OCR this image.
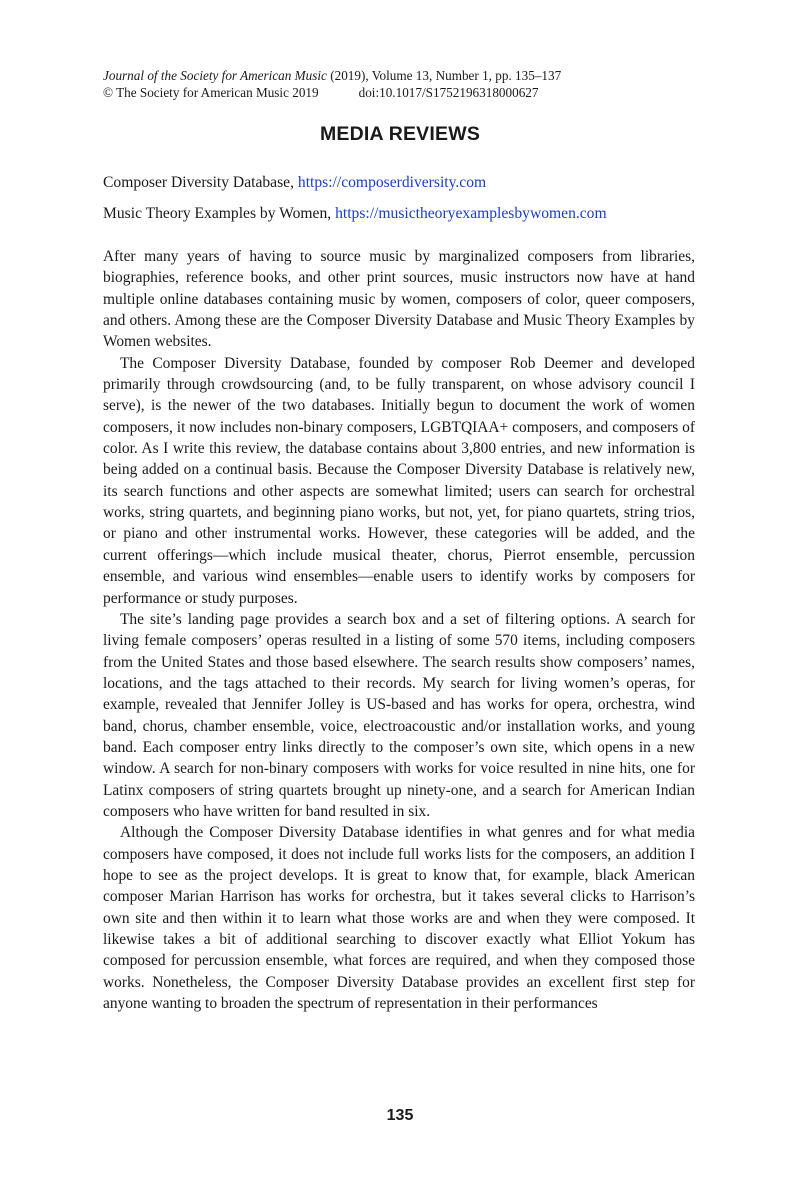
Journal of the Society for American Music (2019), Volume 13, Number 1, pp. 135–137
© The Society for American Music 2019	doi:10.1017/S1752196318000627
MEDIA REVIEWS
Composer Diversity Database, https://composerdiversity.com
Music Theory Examples by Women, https://musictheoryexamplesbywomen.com

After many years of having to source music by marginalized composers from libraries, biographies, reference books, and other print sources, music instructors now have at hand multiple online databases containing music by women, composers of color, queer composers, and others. Among these are the Composer Diversity Database and Music Theory Examples by Women websites.

The Composer Diversity Database, founded by composer Rob Deemer and developed primarily through crowdsourcing (and, to be fully transparent, on whose advisory council I serve), is the newer of the two databases. Initially begun to document the work of women composers, it now includes non-binary composers, LGBTQIAA+ composers, and composers of color. As I write this review, the database contains about 3,800 entries, and new information is being added on a continual basis. Because the Composer Diversity Database is relatively new, its search functions and other aspects are somewhat limited; users can search for orchestral works, string quartets, and beginning piano works, but not, yet, for piano quartets, string trios, or piano and other instrumental works. However, these categories will be added, and the current offerings—which include musical theater, chorus, Pierrot ensemble, percussion ensemble, and various wind ensembles—enable users to identify works by composers for performance or study purposes.

The site’s landing page provides a search box and a set of filtering options. A search for living female composers’ operas resulted in a listing of some 570 items, including composers from the United States and those based elsewhere. The search results show composers’ names, locations, and the tags attached to their records. My search for living women’s operas, for example, revealed that Jennifer Jolley is US-based and has works for opera, orchestra, wind band, chorus, chamber ensemble, voice, electroacoustic and/or installation works, and young band. Each composer entry links directly to the composer’s own site, which opens in a new window. A search for non-binary composers with works for voice resulted in nine hits, one for Latinx composers of string quartets brought up ninety-one, and a search for American Indian composers who have written for band resulted in six.

Although the Composer Diversity Database identifies in what genres and for what media composers have composed, it does not include full works lists for the composers, an addition I hope to see as the project develops. It is great to know that, for example, black American composer Marian Harrison has works for orchestra, but it takes several clicks to Harrison’s own site and then within it to learn what those works are and when they were composed. It likewise takes a bit of additional searching to discover exactly what Elliot Yokum has composed for percussion ensemble, what forces are required, and when they composed those works. Nonetheless, the Composer Diversity Database provides an excellent first step for anyone wanting to broaden the spectrum of representation in their performances

135
